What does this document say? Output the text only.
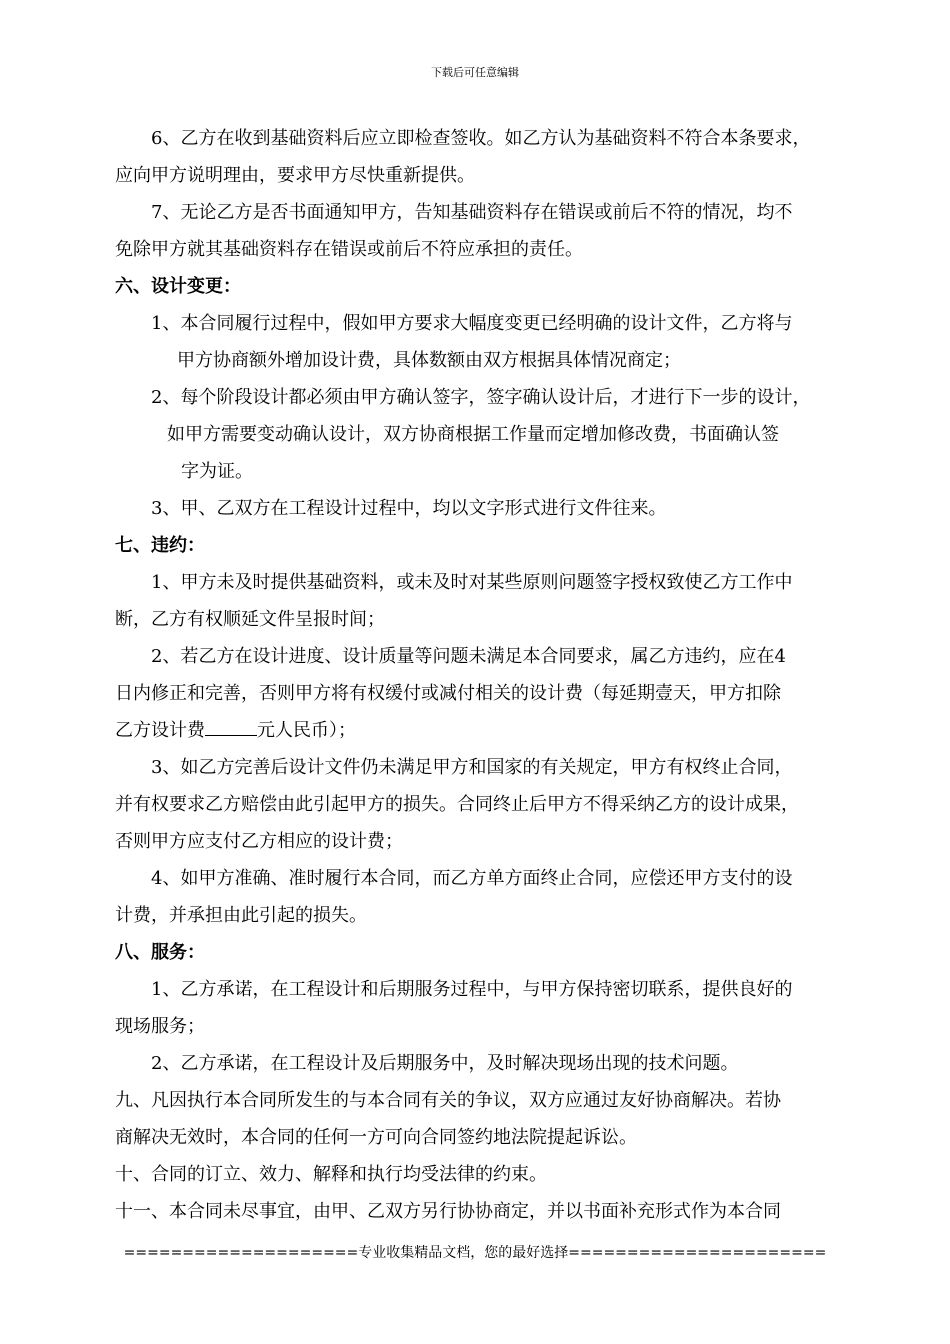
下载后可任意编辑
6、乙方在收到基础资料后应立即检查签收。如乙方认为基础资料不符合本条要求，
应向甲方说明理由，要求甲方尽快重新提供。
7、无论乙方是否书面通知甲方，告知基础资料存在错误或前后不符的情况，均不
免除甲方就其基础资料存在错误或前后不符应承担的责任。
六、设计变更：
1、本合同履行过程中，假如甲方要求大幅度变更已经明确的设计文件，乙方将与
甲方协商额外增加设计费，具体数额由双方根据具体情况商定；
2、每个阶段设计都必须由甲方确认签字，签字确认设计后，才进行下一步的设计，
如甲方需要变动确认设计，双方协商根据工作量而定增加修改费，书面确认签
字为证。
3、甲、乙双方在工程设计过程中，均以文字形式进行文件往来。
七、违约：
1、甲方未及时提供基础资料，或未及时对某些原则问题签字授权致使乙方工作中
断，乙方有权顺延文件呈报时间；
2、若乙方在设计进度、设计质量等问题未满足本合同要求，属乙方违约，应在4
日内修正和完善，否则甲方将有权缓付或减付相关的设计费（每延期壹天，甲方扣除
乙方设计费	元人民币）；
3、如乙方完善后设计文件仍未满足甲方和国家的有关规定，甲方有权终止合同，
并有权要求乙方赔偿由此引起甲方的损失。合同终止后甲方不得采纳乙方的设计成果，
否则甲方应支付乙方相应的设计费；
4、如甲方准确、准时履行本合同，而乙方单方面终止合同，应偿还甲方支付的设
计费，并承担由此引起的损失。
八、服务：
1、乙方承诺，在工程设计和后期服务过程中，与甲方保持密切联系，提供良好的
现场服务；
2、乙方承诺，在工程设计及后期服务中，及时解决现场出现的技术问题。
九、凡因执行本合同所发生的与本合同有关的争议，双方应通过友好协商解决。若协
商解决无效时，本合同的任何一方可向合同签约地法院提起诉讼。
十、合同的订立、效力、解释和执行均受法律的约束。
十一、本合同未尽事宜，由甲、乙双方另行协协商定，并以书面补充形式作为本合同
====================专业收集精品文档，您的最好选择======================
